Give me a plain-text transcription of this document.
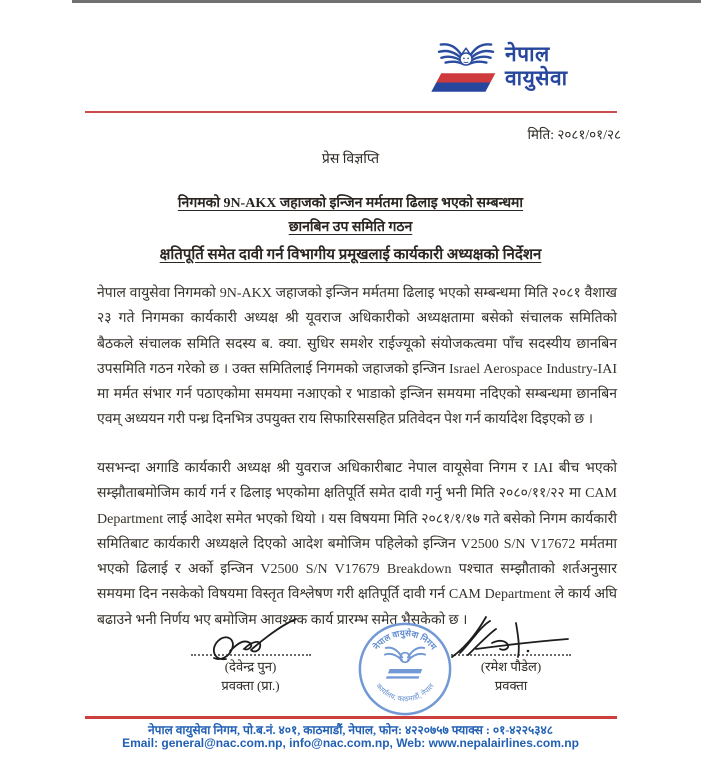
नेपाल
वायुसेवा
मिति: २०८१/०१/२८
प्रेस विज्ञप्ति
निगमको 9N-AKX जहाजको इन्जिन मर्मतमा ढिलाइ भएको सम्बन्धमा
छानबिन उप समिति गठन
क्षतिपूर्ति समेत दावी गर्न विभागीय प्रमूखलाई कार्यकारी अध्यक्षको निर्देशन
नेपाल वायुसेवा निगमको 9N-AKX जहाजको इन्जिन मर्मतमा ढिलाइ भएको सम्बन्धमा मिति २०८१ वैशाख २३ गते निगमका कार्यकारी अध्यक्ष श्री यूवराज अधिकारीको अध्यक्षतामा बसेको संचालक समितिको बैठकले संचालक समिति सदस्य ब. क्या. सुधिर समशेर राईज्यूको संयोजकत्वमा पाँच सदस्यीय छानबिन उपसमिति गठन गरेको छ । उक्त समितिलाई निगमको जहाजको इन्जिन Israel Aerospace Industry-IAI मा मर्मत संभार गर्न पठाएकोमा समयमा नआएको र भाडाको इन्जिन समयमा नदिएको सम्बन्धमा छानबिन एवम् अध्ययन गरी पन्ध्र दिनभित्र उपयुक्त राय सिफारिससहित प्रतिवेदन पेश गर्न कार्यादेश दिइएको छ ।
यसभन्दा अगाडि कार्यकारी अध्यक्ष श्री युवराज अधिकारीबाट नेपाल वायूसेवा निगम र IAI बीच भएको सम्झौताबमोजिम कार्य गर्न र ढिलाइ भएकोमा क्षतिपूर्ति समेत दावी गर्नु भनी मिति २०८०/११/२२ मा CAM Department लाई आदेश समेत भएको थियो । यस विषयमा मिति २०८१/१/१७ गते बसेको निगम कार्यकारी समितिबाट कार्यकारी अध्यक्षले दिएको आदेश बमोजिम पहिलेको इन्जिन V2500 S/N V17672 मर्मतमा भएको ढिलाई र अर्को इन्जिन V2500 S/N V17679 Breakdown पश्चात सम्झौताको शर्तअनुसार समयमा दिन नसकेको विषयमा विस्तृत विश्लेषण गरी क्षतिपूर्ति दावी गर्न CAM Department ले कार्य अघि बढाउने भनी निर्णय भए बमोजिम आवश्यक कार्य प्रारम्भ समेत भैसकेको छ ।
(देवेन्द्र पुन)
प्रवक्ता (प्रा.)
नेपाल वायुसेवा निगम
कार्यालय, काठमाडौं, नेपाल
(रमेश पौडेल)
प्रवक्ता
नेपाल वायुसेवा निगम, पो.ब.नं. ४०१, काठमाडौं, नेपाल, फोन: ४२२०७५७ फ्याक्स : ०१-४२२५३४८
Email: general@nac.com.np, info@nac.com.np, Web: www.nepalairlines.com.np
